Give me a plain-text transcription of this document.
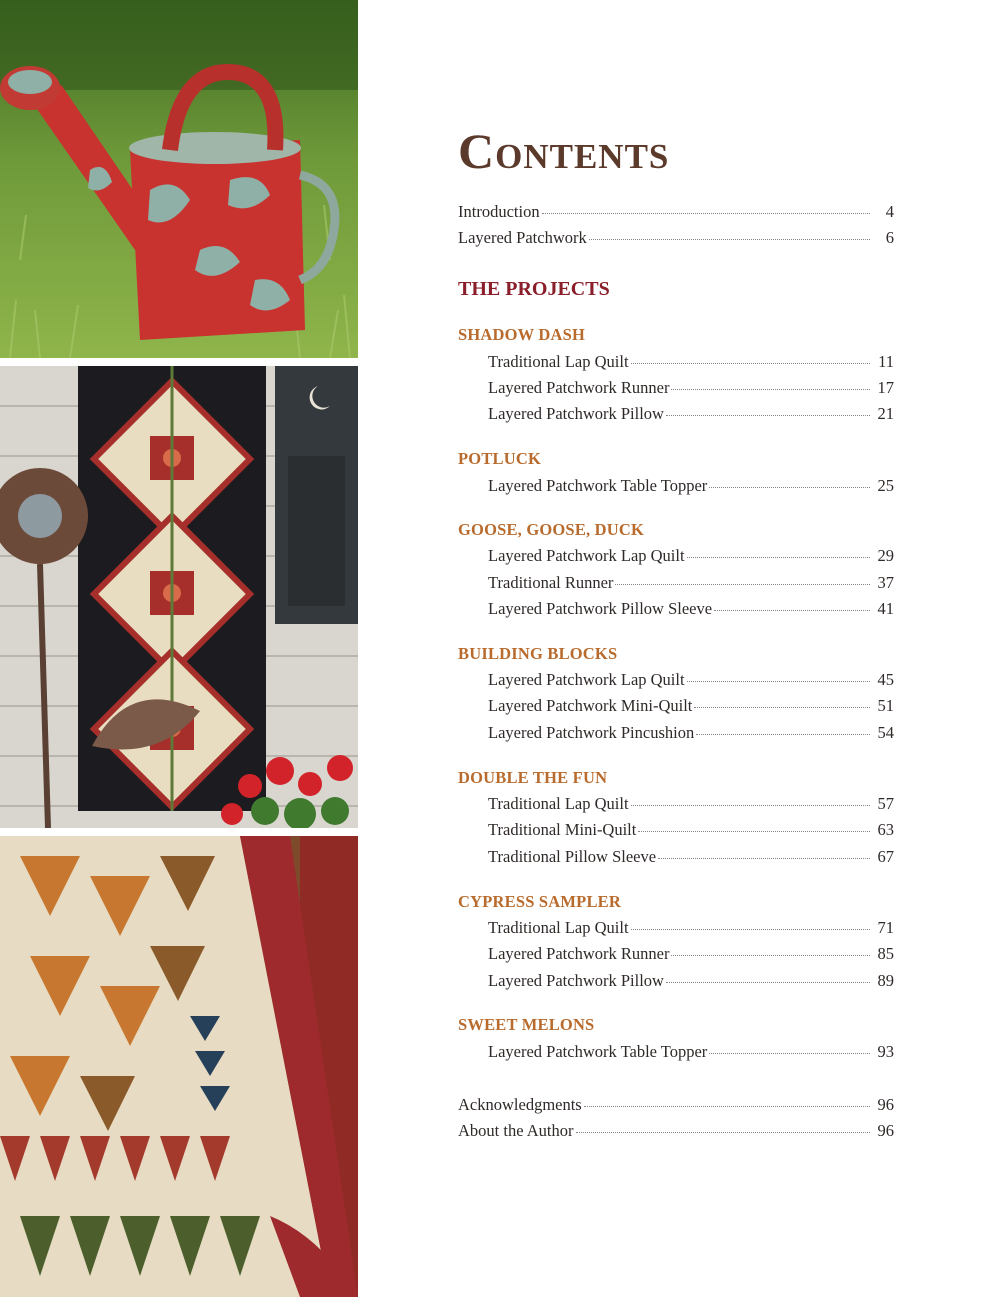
Contents
Introduction	4
Layered Patchwork	6
THE PROJECTS
SHADOW DASH
Traditional Lap Quilt	11
Layered Patchwork Runner	17
Layered Patchwork Pillow	21
POTLUCK
Layered Patchwork Table Topper	25
GOOSE, GOOSE, DUCK
Layered Patchwork Lap Quilt	29
Traditional Runner	37
Layered Patchwork Pillow Sleeve	41
BUILDING BLOCKS
Layered Patchwork Lap Quilt	45
Layered Patchwork Mini-Quilt	51
Layered Patchwork Pincushion	54
DOUBLE THE FUN
Traditional Lap Quilt	57
Traditional Mini-Quilt	63
Traditional Pillow Sleeve	67
CYPRESS SAMPLER
Traditional Lap Quilt	71
Layered Patchwork Runner	85
Layered Patchwork Pillow	89
SWEET MELONS
Layered Patchwork Table Topper	93
Acknowledgments	96
About the Author	96
